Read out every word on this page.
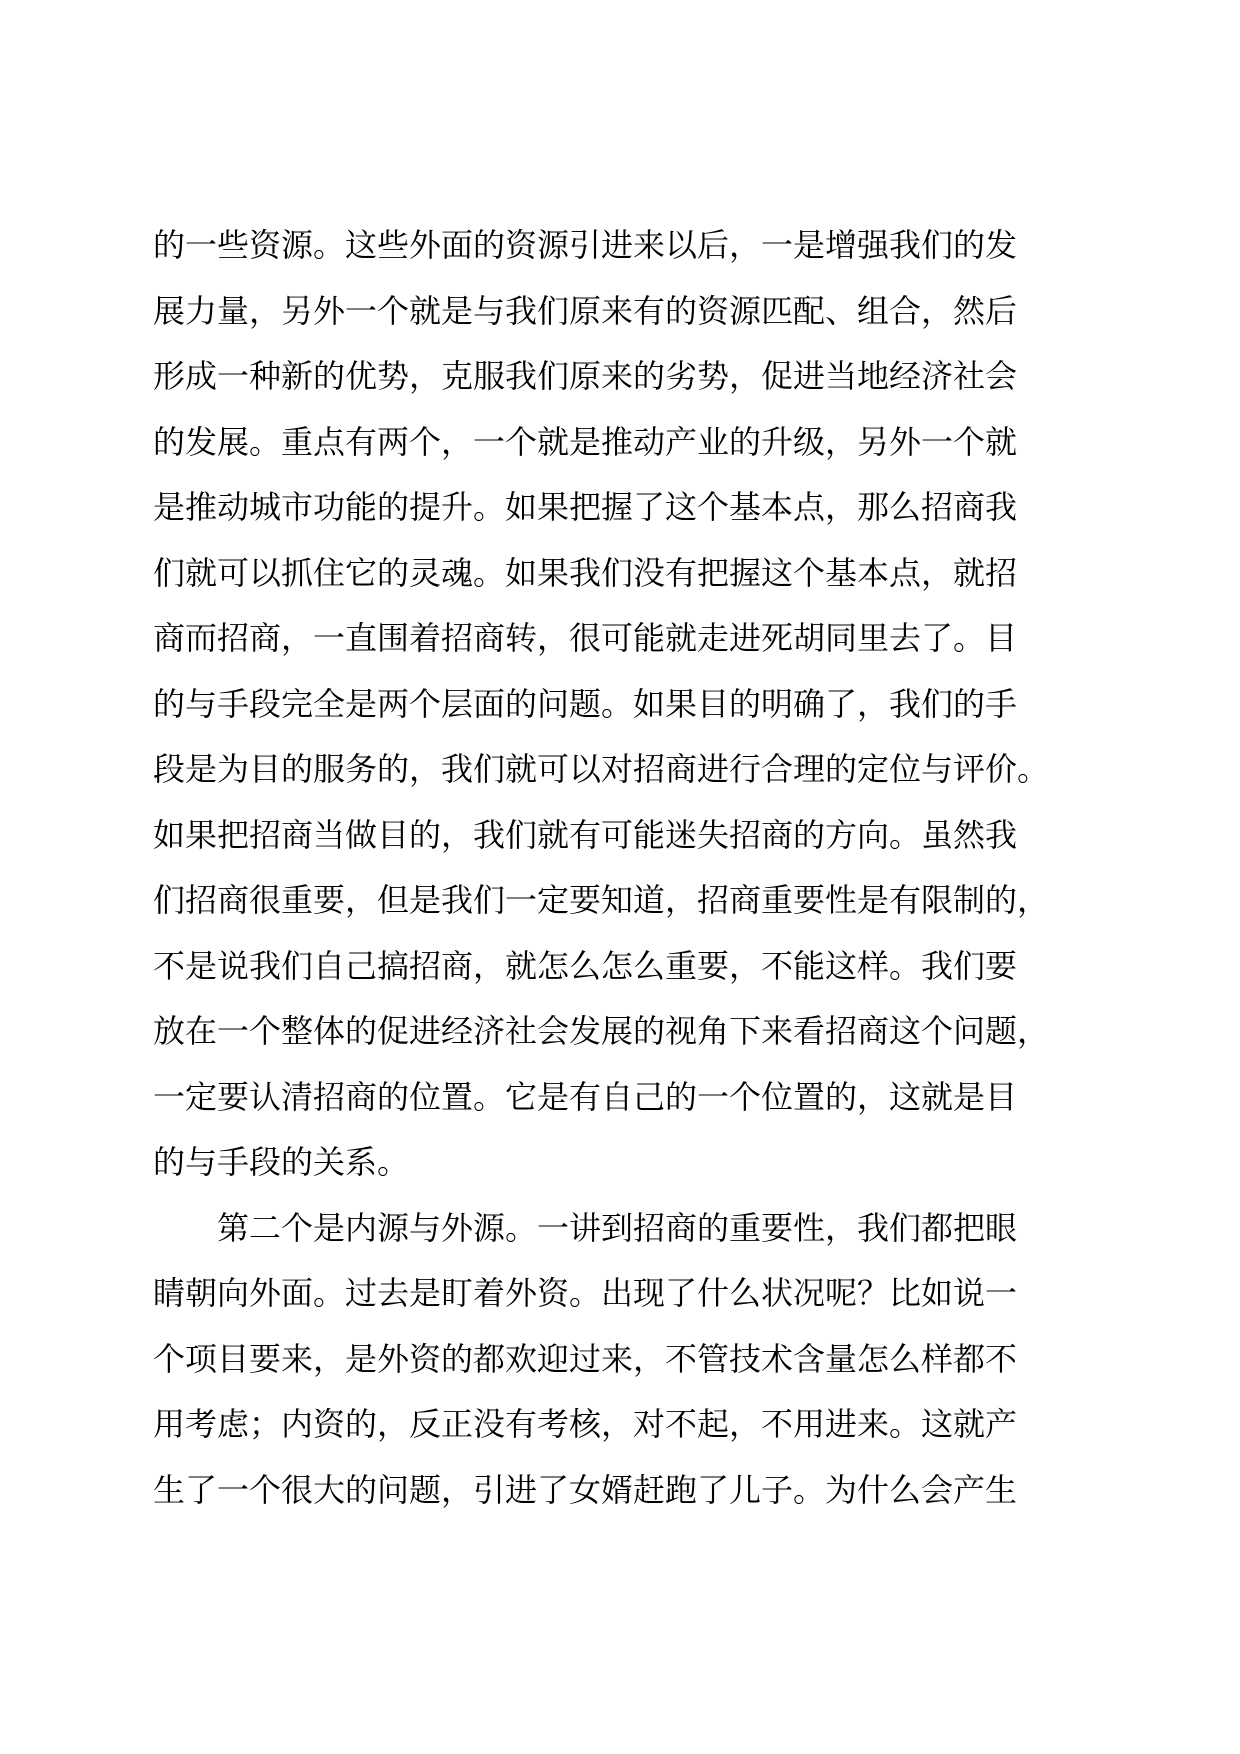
的一些资源。这些外面的资源引进来以后，一是增强我们的发
展力量，另外一个就是与我们原来有的资源匹配、组合，然后
形成一种新的优势，克服我们原来的劣势，促进当地经济社会
的发展。重点有两个，一个就是推动产业的升级，另外一个就
是推动城市功能的提升。如果把握了这个基本点，那么招商我
们就可以抓住它的灵魂。如果我们没有把握这个基本点，就招
商而招商，一直围着招商转，很可能就走进死胡同里去了。目
的与手段完全是两个层面的问题。如果目的明确了，我们的手
段是为目的服务的，我们就可以对招商进行合理的定位与评价。
如果把招商当做目的，我们就有可能迷失招商的方向。虽然我
们招商很重要，但是我们一定要知道，招商重要性是有限制的，
不是说我们自己搞招商，就怎么怎么重要，不能这样。我们要
放在一个整体的促进经济社会发展的视角下来看招商这个问题，
一定要认清招商的位置。它是有自己的一个位置的，这就是目
的与手段的关系。
第二个是内源与外源。一讲到招商的重要性，我们都把眼
睛朝向外面。过去是盯着外资。出现了什么状况呢？比如说一
个项目要来，是外资的都欢迎过来，不管技术含量怎么样都不
用考虑；内资的，反正没有考核，对不起，不用进来。这就产
生了一个很大的问题，引进了女婿赶跑了儿子。为什么会产生
